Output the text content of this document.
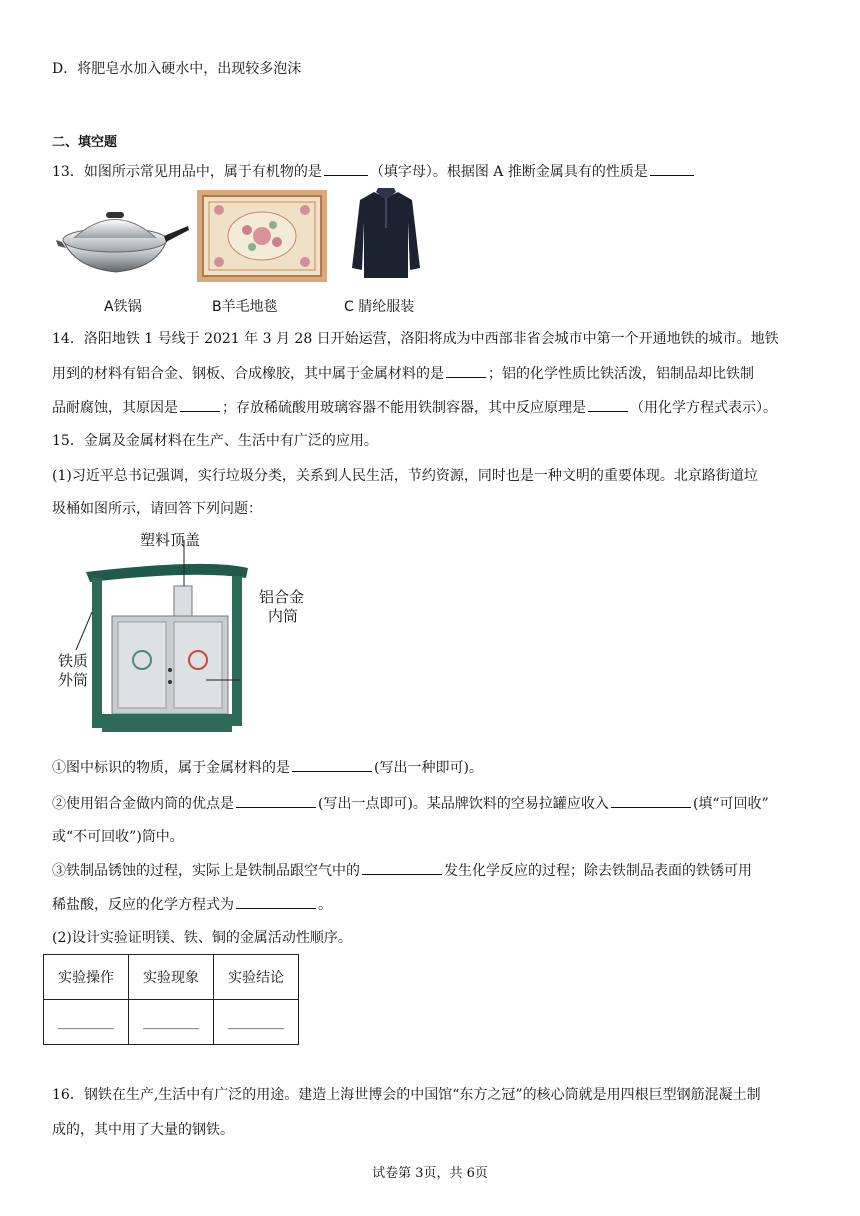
D．将肥皂水加入硬水中，出现较多泡沫
二、填空题
13．如图所示常见用品中，属于有机物的是	（填字母）。根据图 A 推断金属具有的性质是
A铁锅	B羊毛地毯	C 腈纶服装
14．洛阳地铁 1 号线于 2021 年 3 月 28 日开始运营，洛阳将成为中西部非省会城市中第一个开通地铁的城市。地铁
用到的材料有铝合金、钢板、合成橡胶，其中属于金属材料的是	；铝的化学性质比铁活泼，铝制品却比铁制
品耐腐蚀，其原因是	；存放稀硫酸用玻璃容器不能用铁制容器，其中反应原理是	（用化学方程式表示）。
15．金属及金属材料在生产、生活中有广泛的应用。
(1)习近平总书记强调，实行垃圾分类，关系到人民生活，节约资源，同时也是一种文明的重要体现。北京路街道垃
圾桶如图所示，请回答下列问题：
塑料顶盖
铝合金
内筒
铁质
外筒
①图中标识的物质，属于金属材料的是	(写出一种即可)。
②使用铝合金做内筒的优点是	(写出一点即可)。某品牌饮料的空易拉罐应收入	(填“可回收”
或“不可回收”)筒中。
③铁制品锈蚀的过程，实际上是铁制品跟空气中的	发生化学反应的过程；除去铁制品表面的铁锈可用
稀盐酸，反应的化学方程式为	。
(2)设计实验证明镁、铁、铜的金属活动性顺序。
实验操作	实验现象	实验结论
________	________	________
16．钢铁在生产,生活中有广泛的用途。建造上海世博会的中国馆“东方之冠”的核心筒就是用四根巨型钢筋混凝土制
成的，其中用了大量的钢铁。
试卷第 3页，共 6页
